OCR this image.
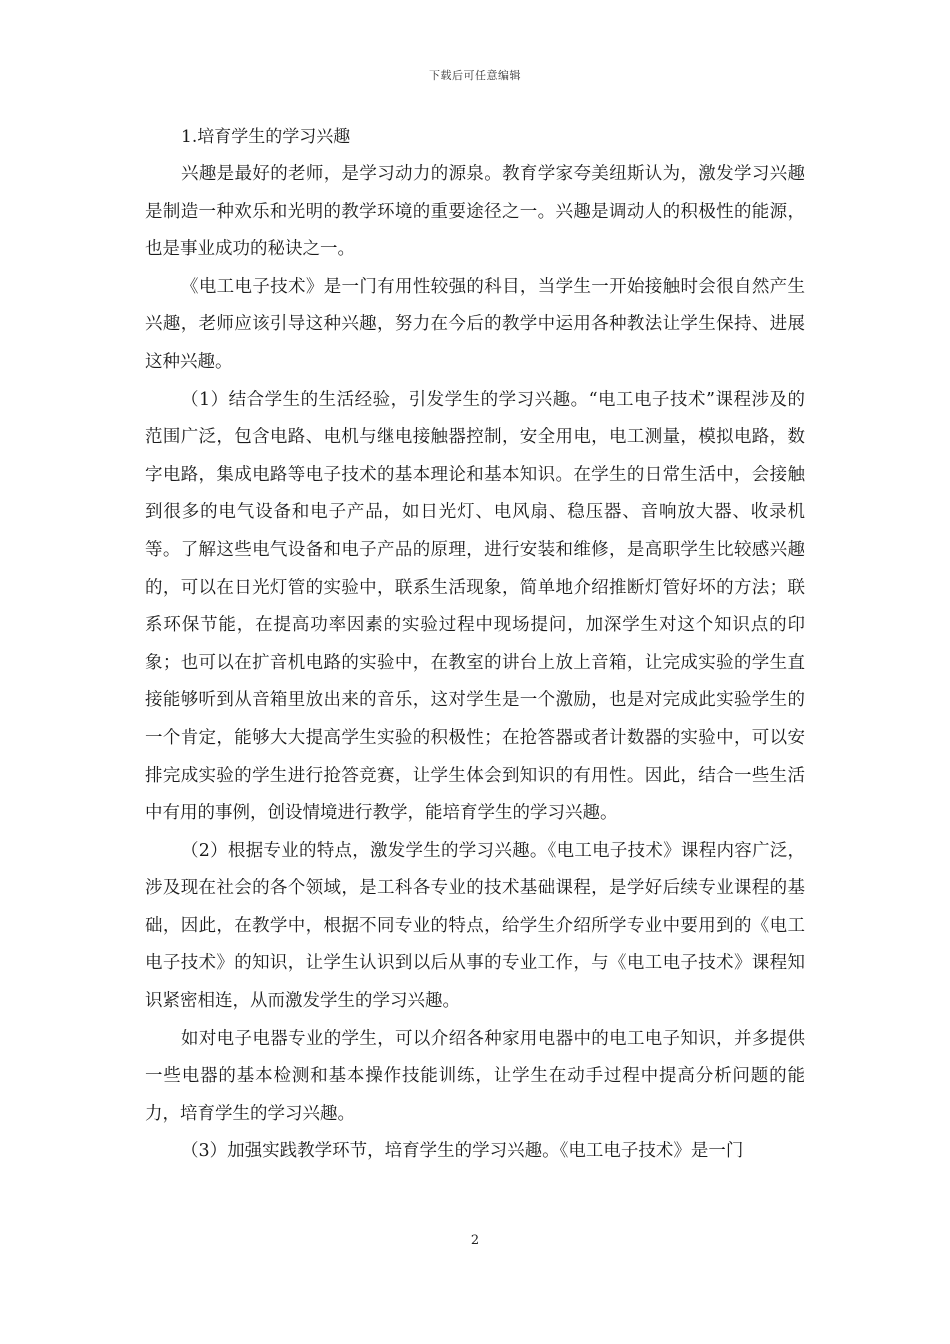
下载后可任意编辑

1.培育学生的学习兴趣

兴趣是最好的老师，是学习动力的源泉。教育学家夸美纽斯认为，激发学习兴趣是制造一种欢乐和光明的教学环境的重要途径之一。兴趣是调动人的积极性的能源，也是事业成功的秘诀之一。

《电工电子技术》是一门有用性较强的科目，当学生一开始接触时会很自然产生兴趣，老师应该引导这种兴趣，努力在今后的教学中运用各种教法让学生保持、进展这种兴趣。

（1）结合学生的生活经验，引发学生的学习兴趣。“电工电子技术”课程涉及的范围广泛，包含电路、电机与继电接触器控制，安全用电，电工测量，模拟电路，数字电路，集成电路等电子技术的基本理论和基本知识。在学生的日常生活中，会接触到很多的电气设备和电子产品，如日光灯、电风扇、稳压器、音响放大器、收录机等。了解这些电气设备和电子产品的原理，进行安装和维修，是高职学生比较感兴趣的，可以在日光灯管的实验中，联系生活现象，简单地介绍推断灯管好坏的方法；联系环保节能，在提高功率因素的实验过程中现场提问，加深学生对这个知识点的印象；也可以在扩音机电路的实验中，在教室的讲台上放上音箱，让完成实验的学生直接能够听到从音箱里放出来的音乐，这对学生是一个激励，也是对完成此实验学生的一个肯定，能够大大提高学生实验的积极性；在抢答器或者计数器的实验中，可以安排完成实验的学生进行抢答竞赛，让学生体会到知识的有用性。因此，结合一些生活中有用的事例，创设情境进行教学，能培育学生的学习兴趣。

（2）根据专业的特点，激发学生的学习兴趣。《电工电子技术》课程内容广泛，涉及现在社会的各个领域，是工科各专业的技术基础课程，是学好后续专业课程的基础，因此，在教学中，根据不同专业的特点，给学生介绍所学专业中要用到的《电工电子技术》的知识，让学生认识到以后从事的专业工作，与《电工电子技术》课程知识紧密相连，从而激发学生的学习兴趣。

如对电子电器专业的学生，可以介绍各种家用电器中的电工电子知识，并多提供一些电器的基本检测和基本操作技能训练，让学生在动手过程中提高分析问题的能力，培育学生的学习兴趣。

（3）加强实践教学环节，培育学生的学习兴趣。《电工电子技术》是一门

2
